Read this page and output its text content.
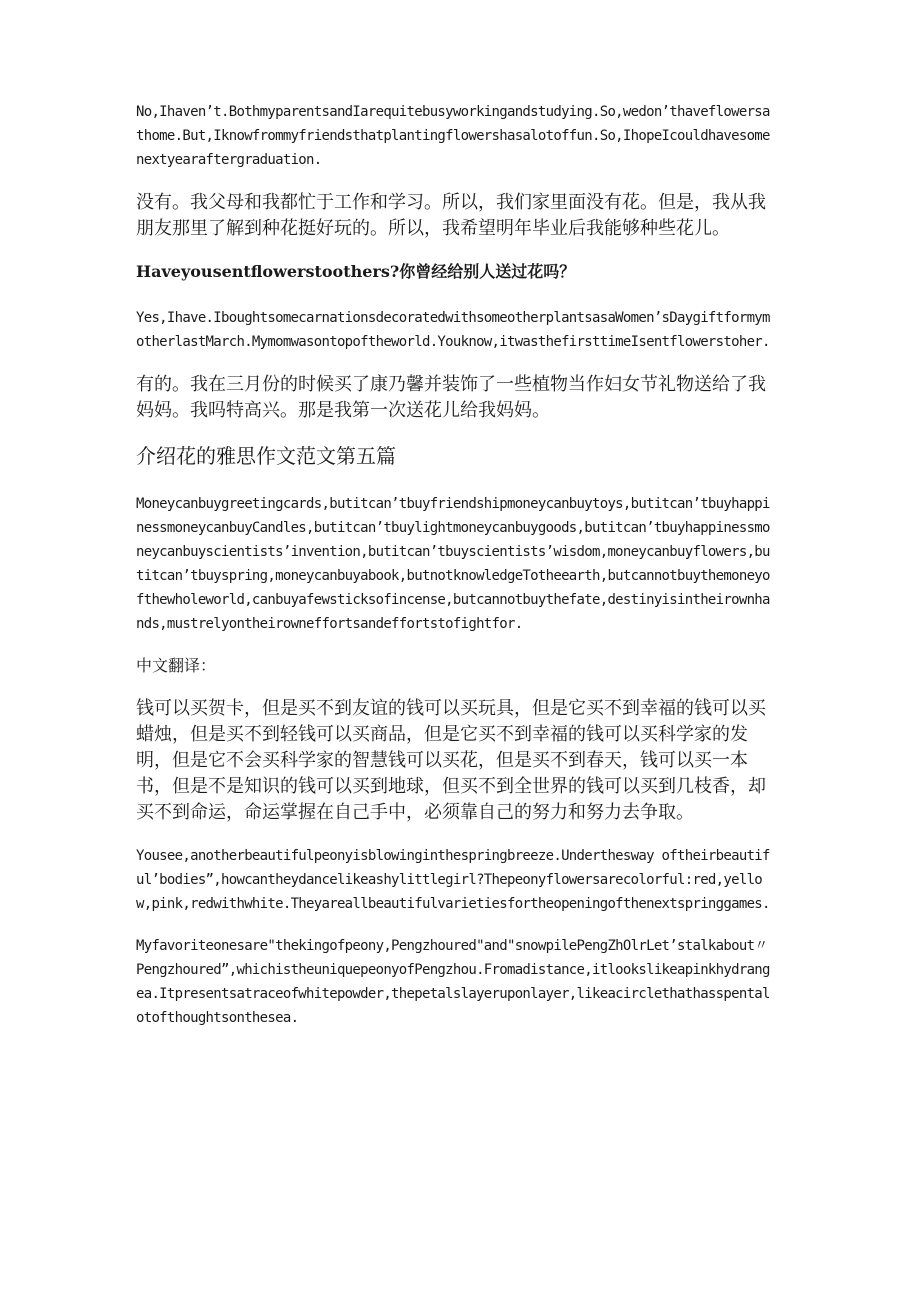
No,Ihaven’t.BothmyparentsandIarequitebusyworkingandstudying.So,wedon’thaveflowersathome.But,Iknowfrommyfriendsthatplantingflowershasalotoffun.So,IhopeIcouldhavesomenextyearaftergraduation.

没有。我父母和我都忙于工作和学习。所以，我们家里面没有花。但是，我从我朋友那里了解到种花挺好玩的。所以，我希望明年毕业后我能够种些花儿。

Haveyousentflowerstoothers?你曾经给别人送过花吗？

Yes,Ihave.IboughtsomecarnationsdecoratedwithsomeotherplantsasaWomen’sDaygiftformymotherlastMarch.Mymomwasontopoftheworld.Youknow,itwasthefirsttimeIsentflowerstoher.

有的。我在三月份的时候买了康乃馨并装饰了一些植物当作妇女节礼物送给了我妈妈。我吗特高兴。那是我第一次送花儿给我妈妈。

介绍花的雅思作文范文第五篇

Moneycanbuygreetingcards,butitcan’tbuyfriendshipmoneycanbuytoys,butitcan’tbuyhappinessmoneycanbuyCandles,butitcan’tbuylightmoneycanbuygoods,butitcan’tbuyhappinessmoneycanbuyscientists’invention,butitcan’tbuyscientists’wisdom,moneycanbuyflowers,butitcan’tbuyspring,moneycanbuyabook,butnotknowledgeTotheearth,butcannotbuythemoneyofthewholeworld,canbuyafewsticksofincense,butcannotbuythefate,destinyisintheirownhands,mustrelyontheirowneffortsandeffortstofightfor.

中文翻译：

钱可以买贺卡，但是买不到友谊的钱可以买玩具，但是它买不到幸福的钱可以买蜡烛，但是买不到轻钱可以买商品，但是它买不到幸福的钱可以买科学家的发明，但是它不会买科学家的智慧钱可以买花，但是买不到春天，钱可以买一本书，但是不是知识的钱可以买到地球，但买不到全世界的钱可以买到几枝香，却买不到命运，命运掌握在自己手中，必须靠自己的努力和努力去争取。

Yousee,anotherbeautifulpeonyisblowinginthespringbreeze.Underthesway oftheirbeautiful’bodies”,howcantheydancelikeashylittlegirl?Thepeonyflowersarecolorful:red,yellow,pink,redwithwhite.Theyareallbeautifulvarietiesfortheopeningofthenextspringgames.

Myfavoriteonesare"thekingofpeony,Pengzhoured"and"snowpilePengZhOlrLet’stalkabout〃

Pengzhoured”,whichistheuniquepeonyofPengzhou.Fromadistance,itlookslikeapinkhydrangea.Itpresentsatraceofwhitepowder,thepetalslayeruponlayer,likeacirclethathasspentalotofthoughtsonthesea.
